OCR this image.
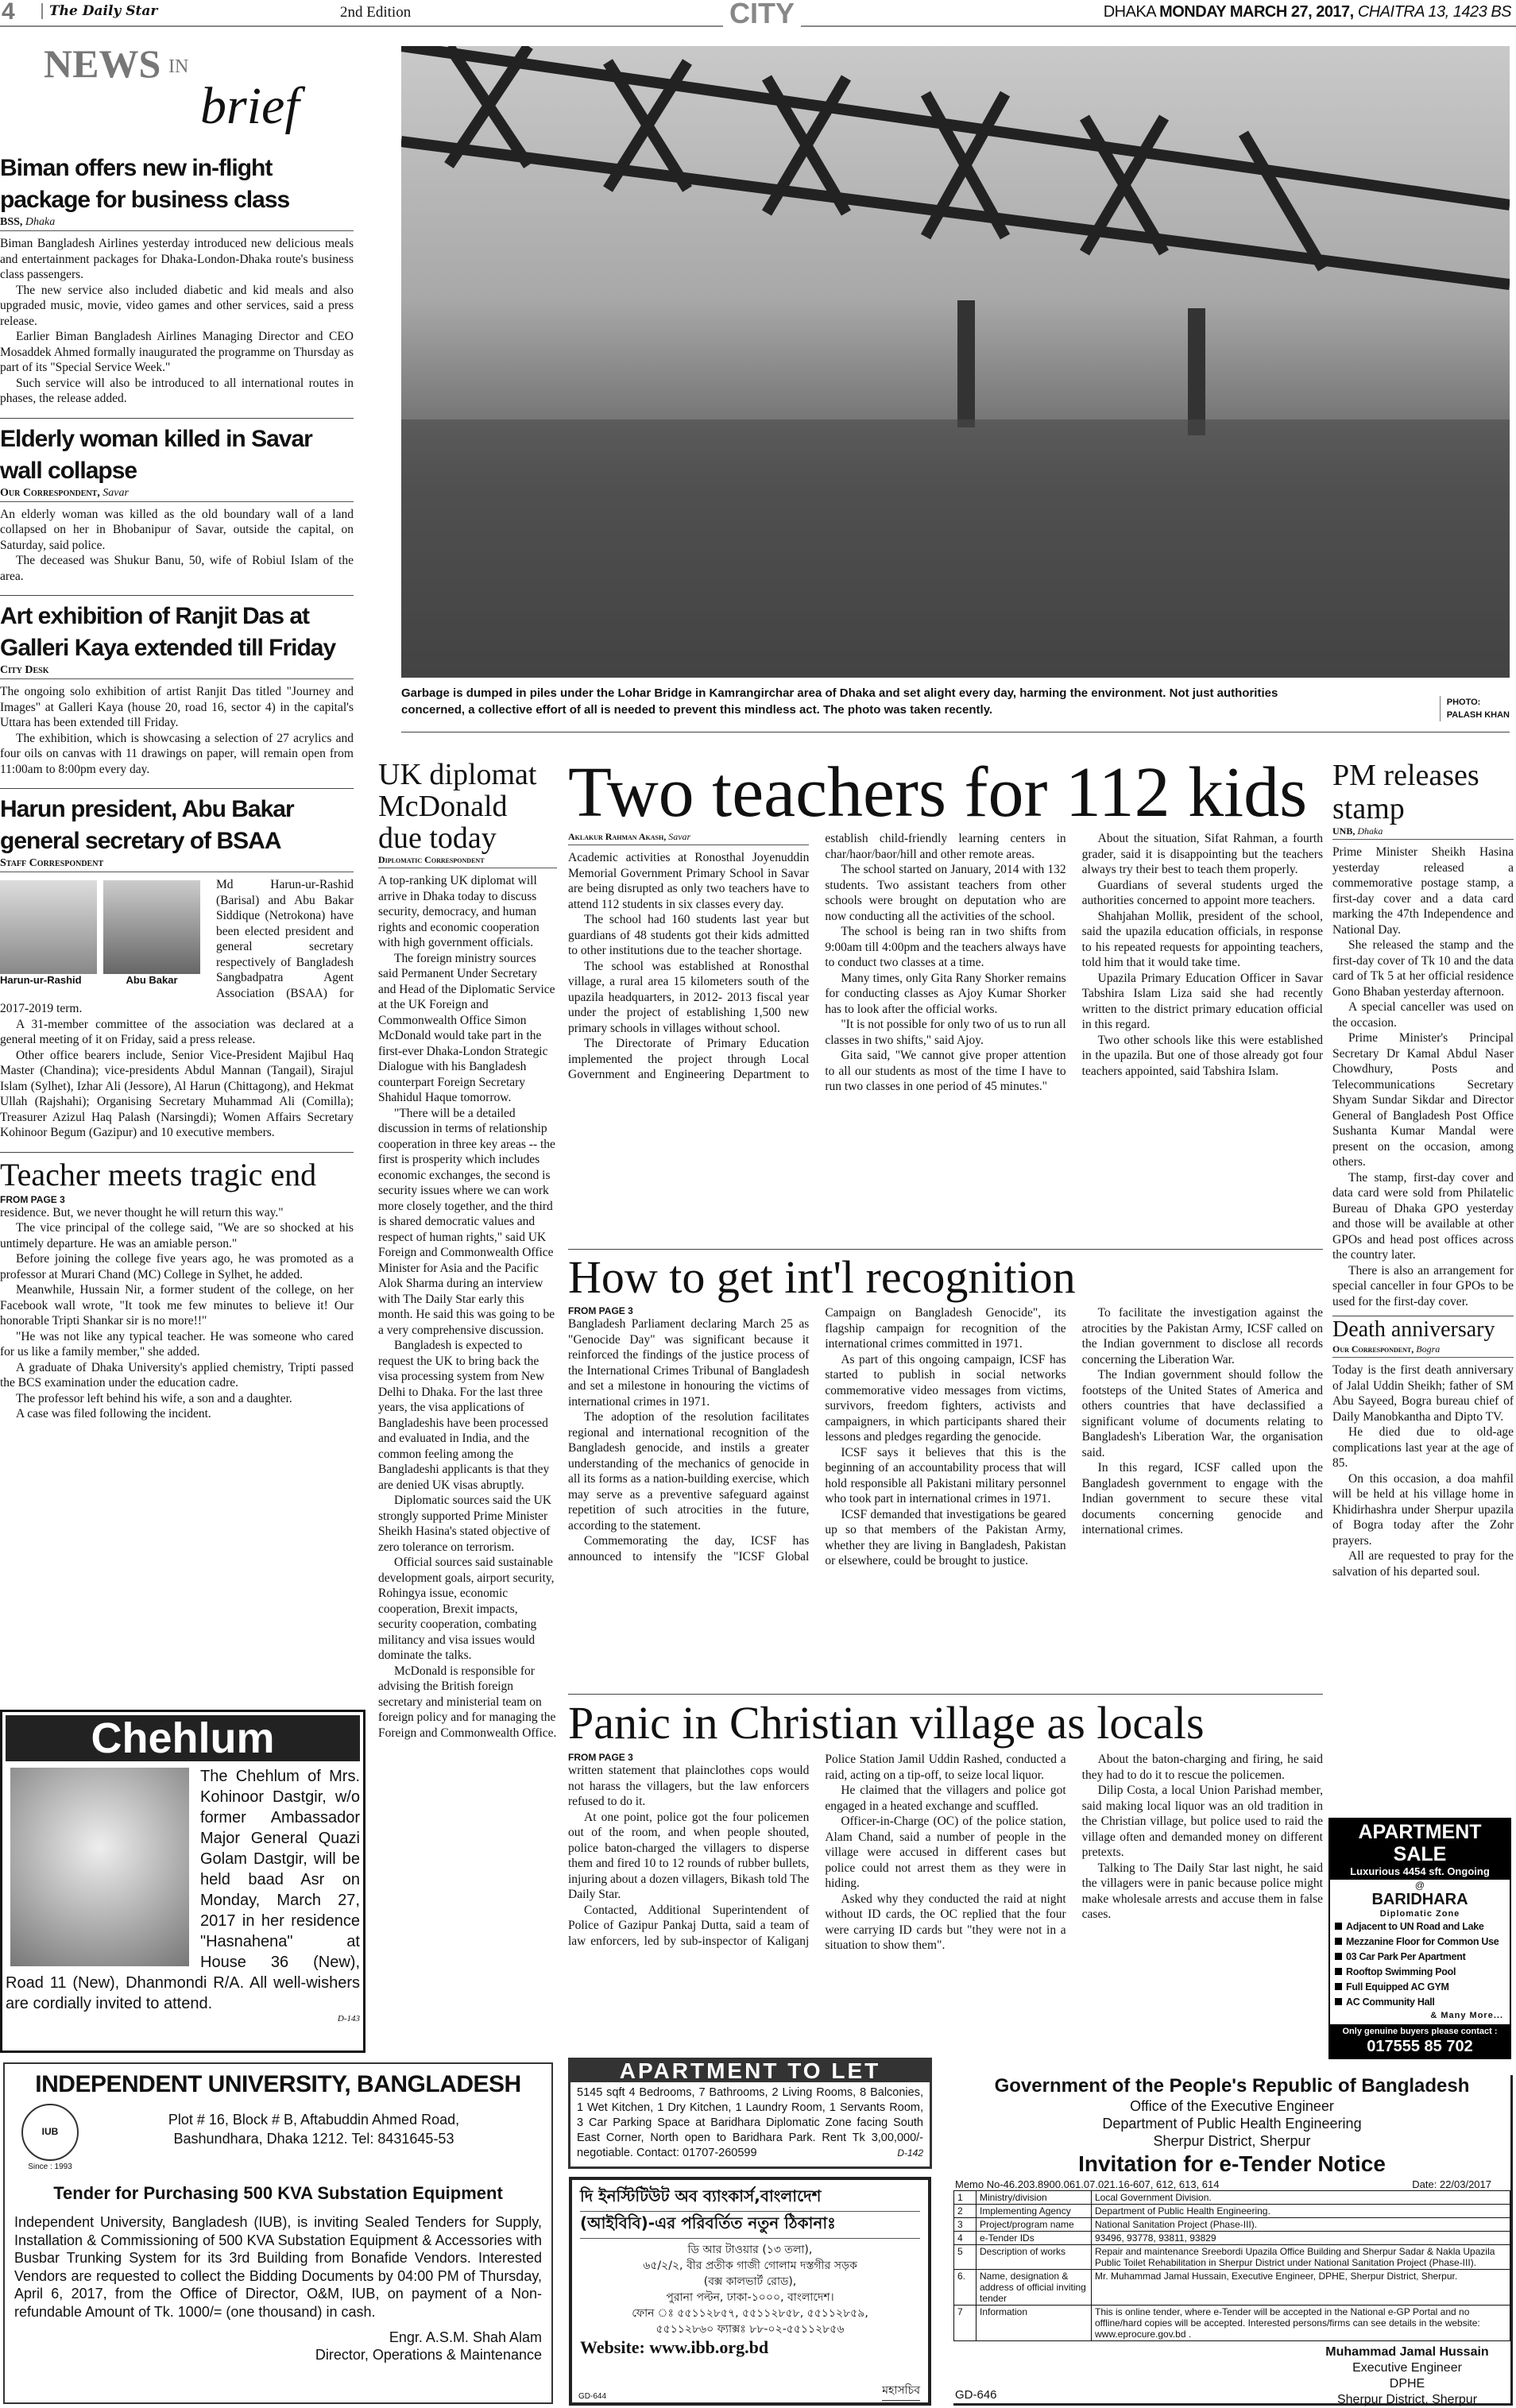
4	The Daily Star	2nd Edition	CITY	DHAKA MONDAY MARCH 27, 2017, CHAITRA 13, 1423 BS
NEWS IN
brief
Biman offers new in-flight package for business class
BSS, Dhaka

Biman Bangladesh Airlines yesterday introduced new delicious meals and entertainment packages for Dhaka-London-Dhaka route's business class passengers.

The new service also included diabetic and kid meals and also upgraded music, movie, video games and other services, said a press release.

Earlier Biman Bangladesh Airlines Managing Director and CEO Mosaddek Ahmed formally inaugurated the programme on Thursday as part of its "Special Service Week."

Such service will also be introduced to all international routes in phases, the release added.

Elderly woman killed in Savar wall collapse
Our Correspondent, Savar

An elderly woman was killed as the old boundary wall of a land collapsed on her in Bhobanipur of Savar, outside the capital, on Saturday, said police.

The deceased was Shukur Banu, 50, wife of Robiul Islam of the area.

Art exhibition of Ranjit Das at Galleri Kaya extended till Friday
City Desk

The ongoing solo exhibition of artist Ranjit Das titled "Journey and Images" at Galleri Kaya (house 20, road 16, sector 4) in the capital's Uttara has been extended till Friday.

The exhibition, which is showcasing a selection of 27 acrylics and four oils on canvas with 11 drawings on paper, will remain open from 11:00am to 8:00pm every day.

Harun president, Abu Bakar general secretary of BSAA
Staff Correspondent
Harun-ur-Rashid	Abu Bakar

Md Harun-ur-Rashid (Barisal) and Abu Bakar Siddique (Netrokona) have been elected president and general secretary respectively of Bangladesh Sangbadpatra Agent Association (BSAA) for 2017-2019 term.

A 31-member committee of the association was declared at a general meeting of it on Friday, said a press release.

Other office bearers include, Senior Vice-President Majibul Haq Master (Chandina); vice-presidents Abdul Mannan (Tangail), Sirajul Islam (Sylhet), Izhar Ali (Jessore), Al Harun (Chittagong), and Hekmat Ullah (Rajshahi); Organising Secretary Muhammad Ali (Comilla); Treasurer Azizul Haq Palash (Narsingdi); Women Affairs Secretary Kohinoor Begum (Gazipur) and 10 executive members.

Teacher meets tragic end
FROM PAGE 3

residence. But, we never thought he will return this way."

The vice principal of the college said, "We are so shocked at his untimely departure. He was an amiable person."

Before joining the college five years ago, he was promoted as a professor at Murari Chand (MC) College in Sylhet, he added.

Meanwhile, Hussain Nir, a former student of the college, on her Facebook wall wrote, "It took me few minutes to believe it! Our honorable Tripti Shankar sir is no more!!"

"He was not like any typical teacher. He was someone who cared for us like a family member," she added.

A graduate of Dhaka University's applied chemistry, Tripti passed the BCS examination under the education cadre.

The professor left behind his wife, a son and a daughter.

A case was filed following the incident.

Chehlum
The Chehlum of Mrs. Kohinoor Dastgir, w/o former Ambassador Major General Quazi Golam Dastgir, will be held baad Asr on Monday, March 27, 2017 in her residence "Hasnahena" at House 36 (New), Road 11 (New), Dhanmondi R/A. All well-wishers are cordially invited to attend.
D-143
Garbage is dumped in piles under the Lohar Bridge in Kamrangirchar area of Dhaka and set alight every day, harming the environment. Not just authorities concerned, a collective effort of all is needed to prevent this mindless act. The photo was taken recently.
PHOTO:
PALASH KHAN
UK diplomat McDonald due today
Diplomatic Correspondent

A top-ranking UK diplomat will arrive in Dhaka today to discuss security, democracy, and human rights and economic cooperation with high government officials.

The foreign ministry sources said Permanent Under Secretary and Head of the Diplomatic Service at the UK Foreign and Commonwealth Office Simon McDonald would take part in the first-ever Dhaka-London Strategic Dialogue with his Bangladesh counterpart Foreign Secretary Shahidul Haque tomorrow.

"There will be a detailed discussion in terms of relationship cooperation in three key areas -- the first is prosperity which includes economic exchanges, the second is security issues where we can work more closely together, and the third is shared democratic values and respect of human rights," said UK Foreign and Commonwealth Office Minister for Asia and the Pacific Alok Sharma during an interview with The Daily Star early this month. He said this was going to be a very comprehensive discussion.

Bangladesh is expected to request the UK to bring back the visa processing system from New Delhi to Dhaka. For the last three years, the visa applications of Bangladeshis have been processed and evaluated in India, and the common feeling among the Bangladeshi applicants is that they are denied UK visas abruptly.

Diplomatic sources said the UK strongly supported Prime Minister Sheikh Hasina's stated objective of zero tolerance on terrorism.

Official sources said sustainable development goals, airport security, Rohingya issue, economic cooperation, Brexit impacts, security cooperation, combating militancy and visa issues would dominate the talks.

McDonald is responsible for advising the British foreign secretary and ministerial team on foreign policy and for managing the Foreign and Commonwealth Office.

Two teachers for 112 kids
Aklakur Rahman Akash, Savar

Academic activities at Ronosthal Joyenuddin Memorial Government Primary School in Savar are being disrupted as only two teachers have to attend 112 students in six classes every day.

The school had 160 students last year but guardians of 48 students got their kids admitted to other institutions due to the teacher shortage.

The school was established at Ronosthal village, a rural area 15 kilometers south of the upazila headquarters, in 2012- 2013 fiscal year under the project of establishing 1,500 new primary schools in villages without school.

The Directorate of Primary Education implemented the project through Local Government and Engineering Department to establish child-friendly learning centers in char/haor/baor/hill and other remote areas.

The school started on January, 2014 with 132 students. Two assistant teachers from other schools were brought on deputation who are now conducting all the activities of the school.

The school is being ran in two shifts from 9:00am till 4:00pm and the teachers always have to conduct two classes at a time.

Many times, only Gita Rany Shorker remains for conducting classes as Ajoy Kumar Shorker has to look after the official works.

"It is not possible for only two of us to run all classes in two shifts," said Ajoy.

Gita said, "We cannot give proper attention to all our students as most of the time I have to run two classes in one period of 45 minutes."

About the situation, Sifat Rahman, a fourth grader, said it is disappointing but the teachers always try their best to teach them properly.

Guardians of several students urged the authorities concerned to appoint more teachers.

Shahjahan Mollik, president of the school, said the upazila education officials, in response to his repeated requests for appointing teachers, told him that it would take time.

Upazila Primary Education Officer in Savar Tabshira Islam Liza said she had recently written to the district primary education official in this regard.

Two other schools like this were established in the upazila. But one of those already got four teachers appointed, said Tabshira Islam.

PM releases stamp
UNB, Dhaka

Prime Minister Sheikh Hasina yesterday released a commemorative postage stamp, a first-day cover and a data card marking the 47th Independence and National Day.

She released the stamp and the first-day cover of Tk 10 and the data card of Tk 5 at her official residence Gono Bhaban yesterday afternoon.

A special canceller was used on the occasion.

Prime Minister's Principal Secretary Dr Kamal Abdul Naser Chowdhury, Posts and Telecommunications Secretary Shyam Sundar Sikdar and Director General of Bangladesh Post Office Sushanta Kumar Mandal were present on the occasion, among others.

The stamp, first-day cover and data card were sold from Philatelic Bureau of Dhaka GPO yesterday and those will be available at other GPOs and head post offices across the country later.

There is also an arrangement for special canceller in four GPOs to be used for the first-day cover.

Death anniversary
Our Correspondent, Bogra

Today is the first death anniversary of Jalal Uddin Sheikh; father of SM Abu Sayeed, Bogra bureau chief of Daily Manobkantha and Dipto TV.

He died due to old-age complications last year at the age of 85.

On this occasion, a doa mahfil will be held at his village home in Khidirhashra under Sherpur upazila of Bogra today after the Zohr prayers.

All are requested to pray for the salvation of his departed soul.

How to get int'l recognition
FROM PAGE 3

Bangladesh Parliament declaring March 25 as "Genocide Day" was significant because it reinforced the findings of the justice process of the International Crimes Tribunal of Bangladesh and set a milestone in honouring the victims of international crimes in 1971.

The adoption of the resolution facilitates regional and international recognition of the Bangladesh genocide, and instils a greater understanding of the mechanics of genocide in all its forms as a nation-building exercise, which may serve as a preventive safeguard against repetition of such atrocities in the future, according to the statement.

Commemorating the day, ICSF has announced to intensify the "ICSF Global Campaign on Bangladesh Genocide", its flagship campaign for recognition of the international crimes committed in 1971.

As part of this ongoing campaign, ICSF has started to publish in social networks commemorative video messages from victims, survivors, freedom fighters, activists and campaigners, in which participants shared their lessons and pledges regarding the genocide.

ICSF says it believes that this is the beginning of an accountability process that will hold responsible all Pakistani military personnel who took part in international crimes in 1971.

ICSF demanded that investigations be geared up so that members of the Pakistan Army, whether they are living in Bangladesh, Pakistan or elsewhere, could be brought to justice.

To facilitate the investigation against the atrocities by the Pakistan Army, ICSF called on the Indian government to disclose all records concerning the Liberation War.

The Indian government should follow the footsteps of the United States of America and others countries that have declassified a significant volume of documents relating to Bangladesh's Liberation War, the organisation said.

In this regard, ICSF called upon the Bangladesh government to engage with the Indian government to secure these vital documents concerning genocide and international crimes.

Panic in Christian village as locals
FROM PAGE 3

written statement that plainclothes cops would not harass the villagers, but the law enforcers refused to do it.

At one point, police got the four policemen out of the room, and when people shouted, police baton-charged the villagers to disperse them and fired 10 to 12 rounds of rubber bullets, injuring about a dozen villagers, Bikash told The Daily Star.

Contacted, Additional Superintendent of Police of Gazipur Pankaj Dutta, said a team of law enforcers, led by sub-inspector of Kaliganj Police Station Jamil Uddin Rashed, conducted a raid, acting on a tip-off, to seize local liquor.

He claimed that the villagers and police got engaged in a heated exchange and scuffled.

Officer-in-Charge (OC) of the police station, Alam Chand, said a number of people in the village were accused in different cases but police could not arrest them as they were in hiding.

Asked why they conducted the raid at night without ID cards, the OC replied that the four were carrying ID cards but "they were not in a situation to show them".

About the baton-charging and firing, he said they had to do it to rescue the policemen.

Dilip Costa, a local Union Parishad member, said making local liquor was an old tradition in the Christian village, but police used to raid the village often and demanded money on different pretexts.

Talking to The Daily Star last night, he said the villagers were in panic because police might make wholesale arrests and accuse them in false cases.

APARTMENT SALE
Luxurious 4454 sft. Ongoing
@
BARIDHARA
Diplomatic Zone
Adjacent to UN Road and Lake
Mezzanine Floor for Common Use
03 Car Park Per Apartment
Rooftop Swimming Pool
Full Equipped AC GYM
AC Community Hall
& Many More...
Only genuine buyers please contact :
017555 85 702
INDEPENDENT UNIVERSITY, BANGLADESH
IUB
Since : 1993
Plot # 16, Block # B, Aftabuddin Ahmed Road,
Bashundhara, Dhaka 1212. Tel: 8431645-53
Tender for Purchasing 500 KVA Substation Equipment
Independent University, Bangladesh (IUB), is inviting Sealed Tenders for Supply, Installation & Commissioning of 500 KVA Substation Equipment & Accessories with Busbar Trunking System for its 3rd Building from Bonafide Vendors. Interested Vendors are requested to collect the Bidding Documents by 04:00 PM of Thursday, April 6, 2017, from the Office of Director, O&M, IUB, on payment of a Non-refundable Amount of Tk. 1000/= (one thousand) in cash.
Engr. A.S.M. Shah Alam
Director, Operations & Maintenance
APARTMENT TO LET
5145 sqft 4 Bedrooms, 7 Bathrooms, 2 Living Rooms, 8 Balconies, 1 Wet Kitchen, 1 Dry Kitchen, 1 Laundry Room, 1 Servants Room, 3 Car Parking Space at Baridhara Diplomatic Zone facing South East Corner, North open to Baridhara Park. Rent Tk 3,00,000/- negotiable. Contact: 01707-260599	D-142
দি ইনস্টিটিউট অব ব্যাংকার্স,বাংলাদেশ
(আইবিবি)-এর পরিবর্তিত নতুন ঠিকানাঃ
ডি আর টাওয়ার (১৩ তলা),
৬৫/২/২, বীর প্রতীক গাজী গোলাম দস্তগীর সড়ক
(বক্স কালভার্ট রোড),
পুরানা পল্টন, ঢাকা-১০০০, বাংলাদেশ।
ফোন ঃ ৫৫১১২৮৫৭, ৫৫১১২৮৫৮, ৫৫১১২৮৫৯,
৫৫১১২৮৬০ ফ্যাক্সঃ ৮৮-০২-৫৫১১২৮৫৬
Website: www.ibb.org.bd
GD-644	মহাসচিব
Government of the People's Republic of Bangladesh
Office of the Executive Engineer
Department of Public Health Engineering
Sherpur District, Sherpur
Invitation for e-Tender Notice
Memo No-46.203.8900.061.07.021.16-607, 612, 613, 614	Date: 22/03/2017
1	Ministry/division	Local Government Division.
2	Implementing Agency	Department of Public Health Engineering.
3	Project/program name	National Sanitation Project (Phase-III).
4	e-Tender IDs	93496, 93778, 93811, 93829
5	Description of works	Repair and maintenance Sreebordi Upazila Office Building and Sherpur Sadar & Nakla Upazila Public Toilet Rehabilitation in Sherpur District under National Sanitation Project (Phase-III).
6.	Name, designation & address of official inviting tender	Mr. Muhammad Jamal Hussain, Executive Engineer, DPHE, Sherpur District, Sherpur.
7	Information	This is online tender, where e-Tender will be accepted in the National e-GP Portal and no offline/hard copies will be accepted. Interested persons/firms can see details in the website: www.eprocure.gov.bd .
Muhammad Jamal Hussain
Executive Engineer
DPHE
Sherpur District, Sherpur
GD-646
